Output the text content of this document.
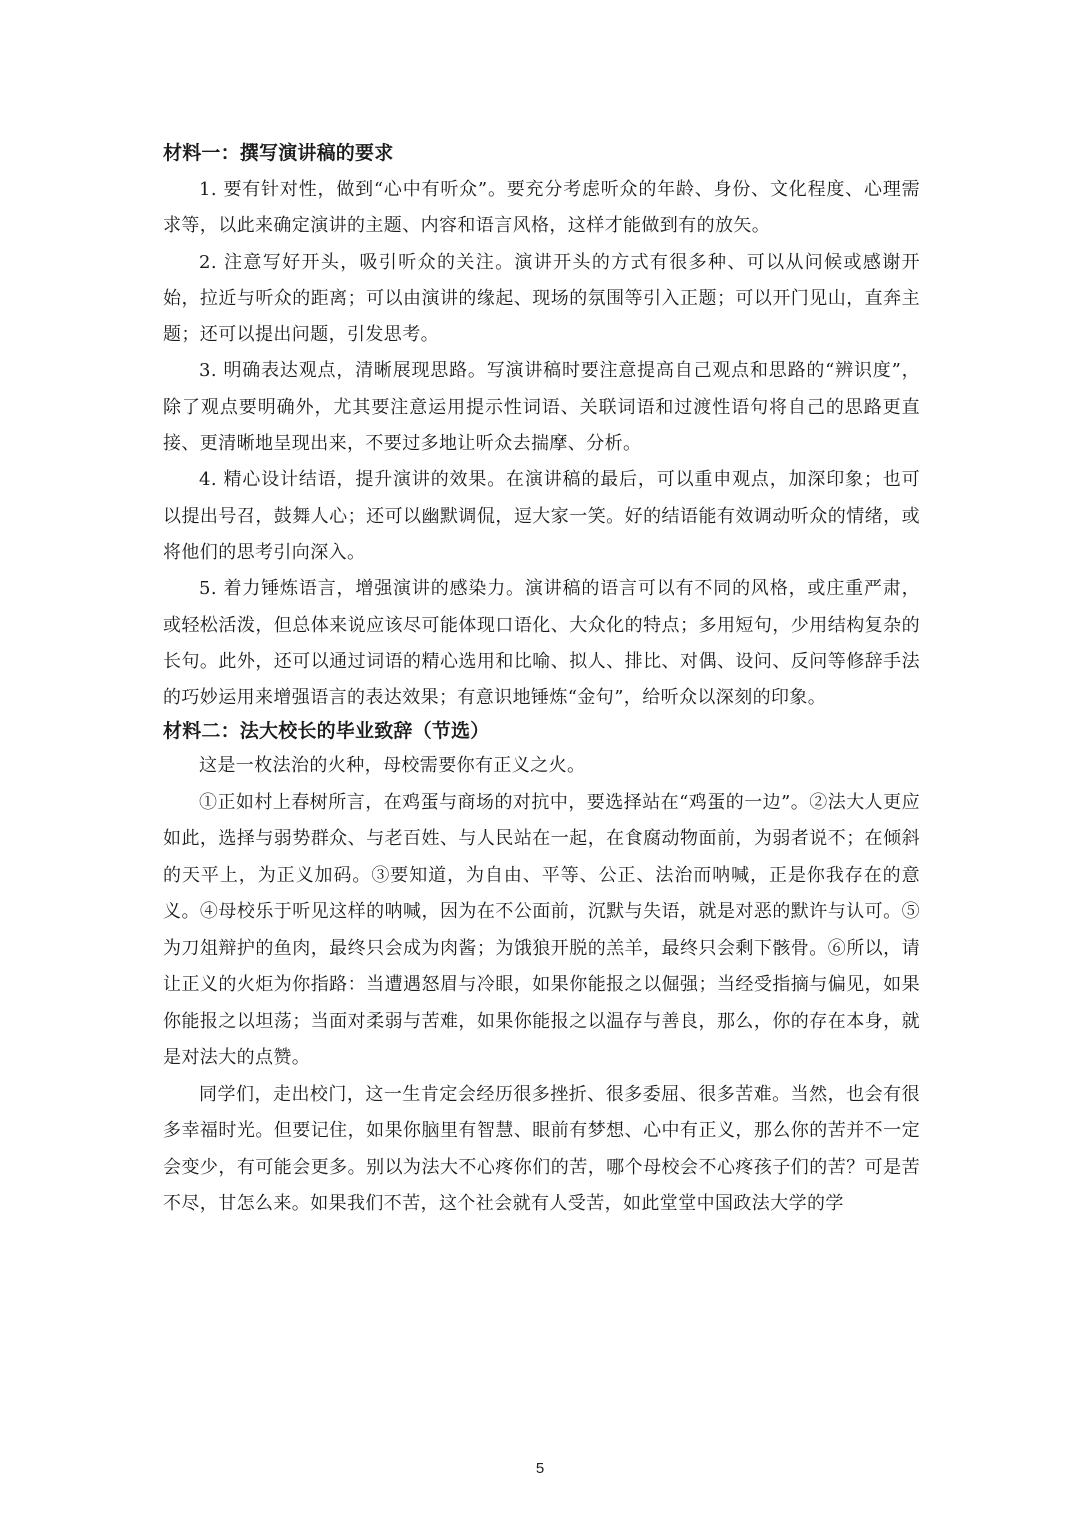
材料一：撰写演讲稿的要求

1. 要有针对性，做到“心中有听众”。要充分考虑听众的年龄、身份、文化程度、心理需求等，以此来确定演讲的主题、内容和语言风格，这样才能做到有的放矢。

2. 注意写好开头，吸引听众的关注。演讲开头的方式有很多种、可以从问候或感谢开始，拉近与听众的距离；可以由演讲的缘起、现场的氛围等引入正题；可以开门见山，直奔主题；还可以提出问题，引发思考。

3. 明确表达观点，清晰展现思路。写演讲稿时要注意提高自己观点和思路的“辨识度”，除了观点要明确外，尤其要注意运用提示性词语、关联词语和过渡性语句将自己的思路更直接、更清晰地呈现出来，不要过多地让听众去揣摩、分析。

4. 精心设计结语，提升演讲的效果。在演讲稿的最后，可以重申观点，加深印象；也可以提出号召，鼓舞人心；还可以幽默调侃，逗大家一笑。好的结语能有效调动听众的情绪，或将他们的思考引向深入。

5. 着力锤炼语言，增强演讲的感染力。演讲稿的语言可以有不同的风格，或庄重严肃，或轻松活泼，但总体来说应该尽可能体现口语化、大众化的特点；多用短句，少用结构复杂的长句。此外，还可以通过词语的精心选用和比喻、拟人、排比、对偶、设问、反问等修辞手法的巧妙运用来增强语言的表达效果；有意识地锤炼“金句”，给听众以深刻的印象。

材料二：法大校长的毕业致辞（节选）

这是一枚法治的火种，母校需要你有正义之火。

①正如村上春树所言，在鸡蛋与商场的对抗中，要选择站在“鸡蛋的一边”。②法大人更应如此，选择与弱势群众、与老百姓、与人民站在一起，在食腐动物面前，为弱者说不；在倾斜的天平上，为正义加码。③要知道，为自由、平等、公正、法治而呐喊，正是你我存在的意义。④母校乐于听见这样的呐喊，因为在不公面前，沉默与失语，就是对恶的默许与认可。⑤为刀俎辩护的鱼肉，最终只会成为肉酱；为饿狼开脱的羔羊，最终只会剩下骸骨。⑥所以，请让正义的火炬为你指路：当遭遇怒眉与冷眼，如果你能报之以倔强；当经受指摘与偏见，如果你能报之以坦荡；当面对柔弱与苦难，如果你能报之以温存与善良，那么，你的存在本身，就是对法大的点赞。

同学们，走出校门，这一生肯定会经历很多挫折、很多委屈、很多苦难。当然，也会有很多幸福时光。但要记住，如果你脑里有智慧、眼前有梦想、心中有正义，那么你的苦并不一定会变少，有可能会更多。别以为法大不心疼你们的苦，哪个母校会不心疼孩子们的苦？可是苦不尽，甘怎么来。如果我们不苦，这个社会就有人受苦，如此堂堂中国政法大学的学

5
